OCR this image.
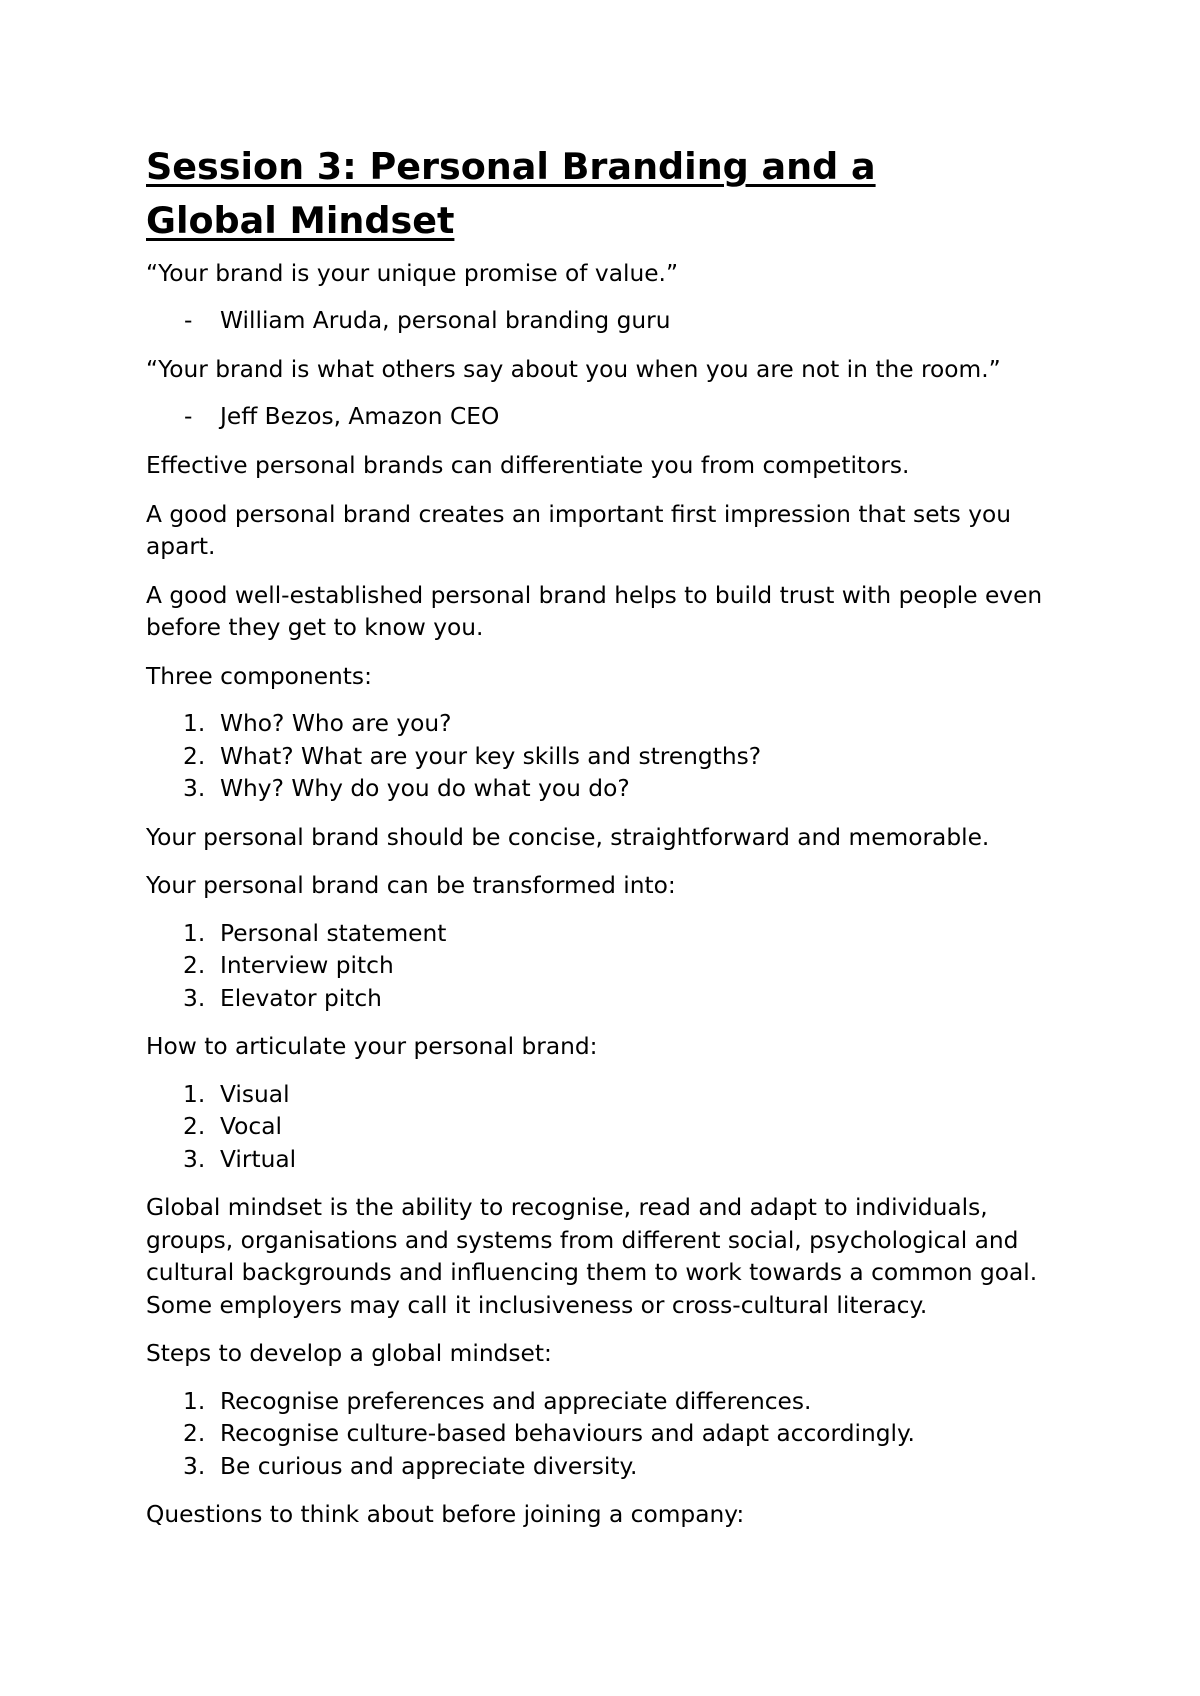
Session 3: Personal Branding and a
Global Mindset

“Your brand is your unique promise of value.”

- William Aruda, personal branding guru

“Your brand is what others say about you when you are not in the room.”

- Jeff Bezos, Amazon CEO

Effective personal brands can differentiate you from competitors.

A good personal brand creates an important first impression that sets you apart.

A good well-established personal brand helps to build trust with people even before they get to know you.

Three components:

1. Who? Who are you?
2. What? What are your key skills and strengths?
3. Why? Why do you do what you do?

Your personal brand should be concise, straightforward and memorable.

Your personal brand can be transformed into:

1. Personal statement
2. Interview pitch
3. Elevator pitch

How to articulate your personal brand:

1. Visual
2. Vocal
3. Virtual

Global mindset is the ability to recognise, read and adapt to individuals, groups, organisations and systems from different social, psychological and cultural backgrounds and influencing them to work towards a common goal. Some employers may call it inclusiveness or cross-cultural literacy.

Steps to develop a global mindset:

1. Recognise preferences and appreciate differences.
2. Recognise culture-based behaviours and adapt accordingly.
3. Be curious and appreciate diversity.

Questions to think about before joining a company:
